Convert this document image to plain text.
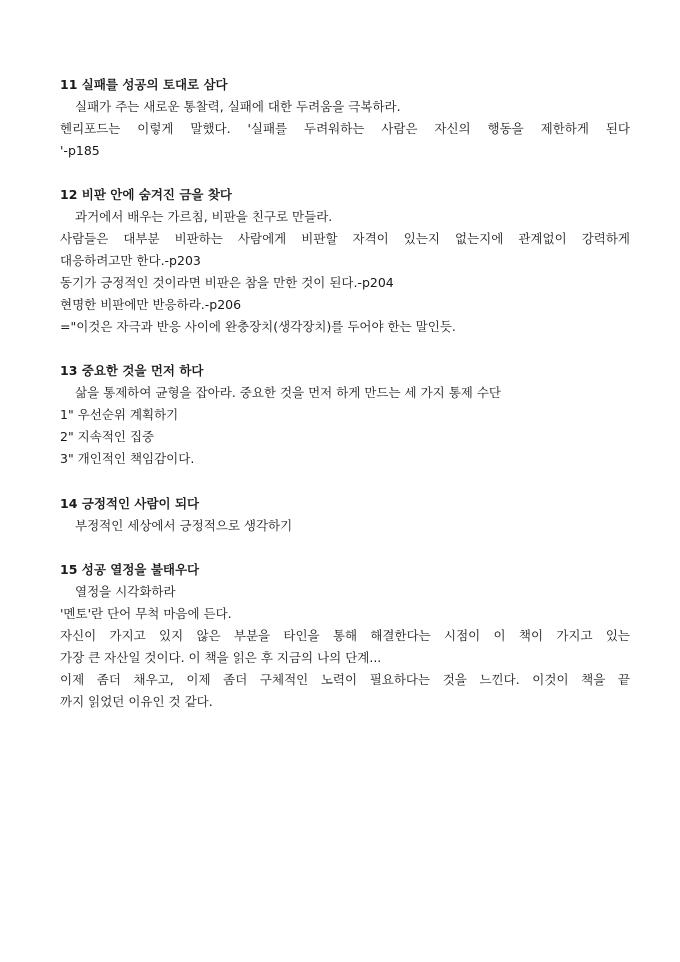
11 실패를 성공의 토대로 삼다
실패가 주는 새로운 통찰력, 실패에 대한 두려움을 극복하라.
헨리포드는 이렇게 말했다. '실패를 두려워하는 사람은 자신의 행동을 제한하게 된다
'-p185
12 비판 안에 숨겨진 금을 찾다
과거에서 배우는 가르침, 비판을 친구로 만들라.
사람들은 대부분 비판하는 사람에게 비판할 자격이 있는지 없는지에 관계없이 강력하게
대응하려고만 한다.-p203
동기가 긍정적인 것이라면 비판은 참을 만한 것이 된다.-p204
현명한 비판에만 반응하라.-p206
="이것은 자극과 반응 사이에 완충장치(생각장치)를 두어야 한는 말인듯.
13 중요한 것을 먼저 하다
삶을 통제하여 균형을 잡아라. 중요한 것을 먼저 하게 만드는 세 가지 통제 수단
1" 우선순위 계획하기
2" 지속적인 집중
3" 개인적인 책임감이다.
14 긍정적인 사람이 되다
부정적인 세상에서 긍정적으로 생각하기
15 성공 열정을 불태우다
열정을 시각화하라
'멘토'란 단어 무척 마음에 든다.
자신이 가지고 있지 않은 부분을 타인을 통해 해결한다는 시점이 이 책이 가지고 있는
가장 큰 자산일 것이다. 이 책을 읽은 후 지금의 나의 단계...
이제 좀더 채우고, 이제 좀더 구체적인 노력이 필요하다는 것을 느낀다. 이것이 책을 끝
까지 읽었던 이유인 것 같다.
